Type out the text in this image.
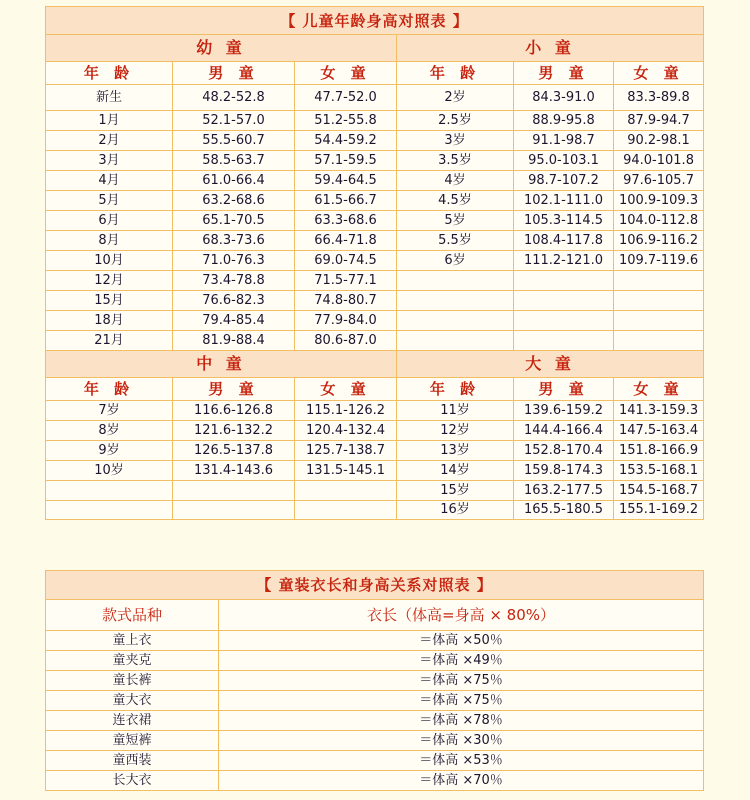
【 儿童年龄身高对照表 】					
幼 童			小 童		
年 龄	男 童	女 童	年 龄	男 童	女 童
新生	48.2-52.8	47.7-52.0	2岁	84.3-91.0	83.3-89.8
1月	52.1-57.0	51.2-55.8	2.5岁	88.9-95.8	87.9-94.7
2月	55.5-60.7	54.4-59.2	3岁	91.1-98.7	90.2-98.1
3月	58.5-63.7	57.1-59.5	3.5岁	95.0-103.1	94.0-101.8
4月	61.0-66.4	59.4-64.5	4岁	98.7-107.2	97.6-105.7
5月	63.2-68.6	61.5-66.7	4.5岁	102.1-111.0	100.9-109.3
6月	65.1-70.5	63.3-68.6	5岁	105.3-114.5	104.0-112.8
8月	68.3-73.6	66.4-71.8	5.5岁	108.4-117.8	106.9-116.2
10月	71.0-76.3	69.0-74.5	6岁	111.2-121.0	109.7-119.6
12月	73.4-78.8	71.5-77.1			
15月	76.6-82.3	74.8-80.7			
18月	79.4-85.4	77.9-84.0			
21月	81.9-88.4	80.6-87.0			
中 童			大 童		
年 龄	男 童	女 童	年 龄	男 童	女 童
7岁	116.6-126.8	115.1-126.2	11岁	139.6-159.2	141.3-159.3
8岁	121.6-132.2	120.4-132.4	12岁	144.4-166.4	147.5-163.4
9岁	126.5-137.8	125.7-138.7	13岁	152.8-170.4	151.8-166.9
10岁	131.4-143.6	131.5-145.1	14岁	159.8-174.3	153.5-168.1
			15岁	163.2-177.5	154.5-168.7
			16岁	165.5-180.5	155.1-169.2
【 童装衣长和身高关系对照表 】	
款式品种	衣长（体高=身高 × 80%）
童上衣	＝体高 ×50％
童夹克	＝体高 ×49％
童长裤	＝体高 ×75％
童大衣	＝体高 ×75％
连衣裙	＝体高 ×78％
童短裤	＝体高 ×30％
童西装	＝体高 ×53％
长大衣	＝体高 ×70％
